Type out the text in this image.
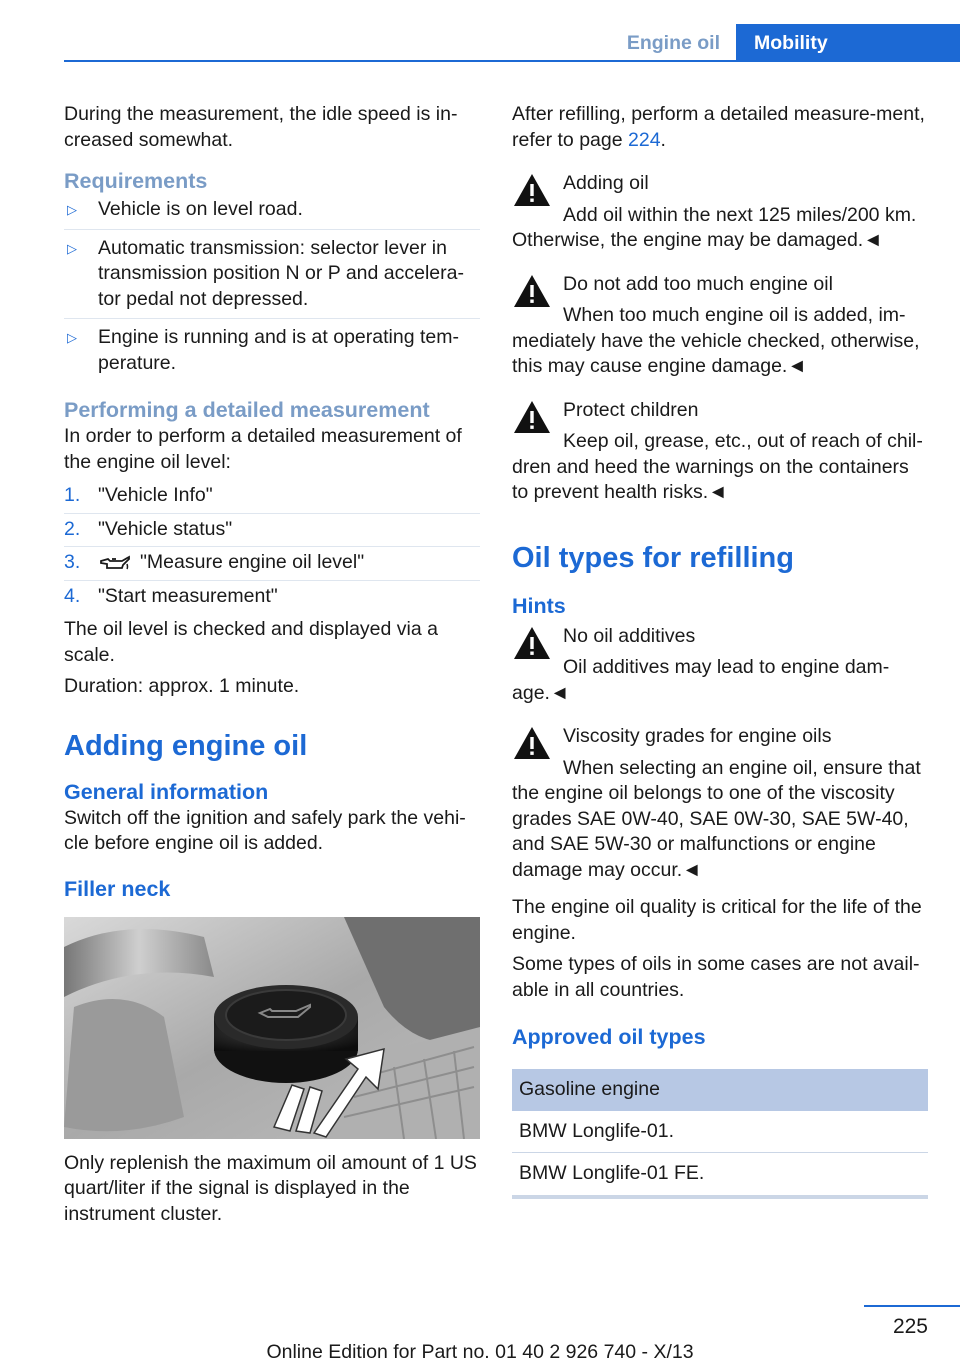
Engine oil	Mobility

During the measurement, the idle speed is in-creased somewhat.

Requirements
▷ Vehicle is on level road.
▷ Automatic transmission: selector lever in transmission position N or P and accelera-tor pedal not depressed.
▷ Engine is running and is at operating tem-perature.
Performing a detailed measurement

In order to perform a detailed measurement of the engine oil level:

1. "Vehicle Info"
2. "Vehicle status"
3.	"Measure engine oil level"
4. "Start measurement"

The oil level is checked and displayed via a scale.

Duration: approx. 1 minute.

Adding engine oil
General information

Switch off the ignition and safely park the vehi-cle before engine oil is added.

Filler neck

Only replenish the maximum oil amount of 1 US quart/liter if the signal is displayed in the instrument cluster.

After refilling, perform a detailed measure-ment, refer to page 224.

Adding oil
Add oil within the next 125 miles/200 km. Otherwise, the engine may be damaged.◄
Do not add too much engine oil
When too much engine oil is added, im-mediately have the vehicle checked, otherwise, this may cause engine damage.◄
Protect children
Keep oil, grease, etc., out of reach of chil-dren and heed the warnings on the containers to prevent health risks.◄
Oil types for refilling
Hints
No oil additives
Oil additives may lead to engine dam-age.◄
Viscosity grades for engine oils
When selecting an engine oil, ensure that the engine oil belongs to one of the viscosity grades SAE 0W-40, SAE 0W-30, SAE 5W-40, and SAE 5W-30 or malfunctions or engine damage may occur.◄

The engine oil quality is critical for the life of the engine.

Some types of oils in some cases are not avail-able in all countries.

Approved oil types
Gasoline engine
BMW Longlife-01.
BMW Longlife-01 FE.
225
Online Edition for Part no. 01 40 2 926 740 - X/13
